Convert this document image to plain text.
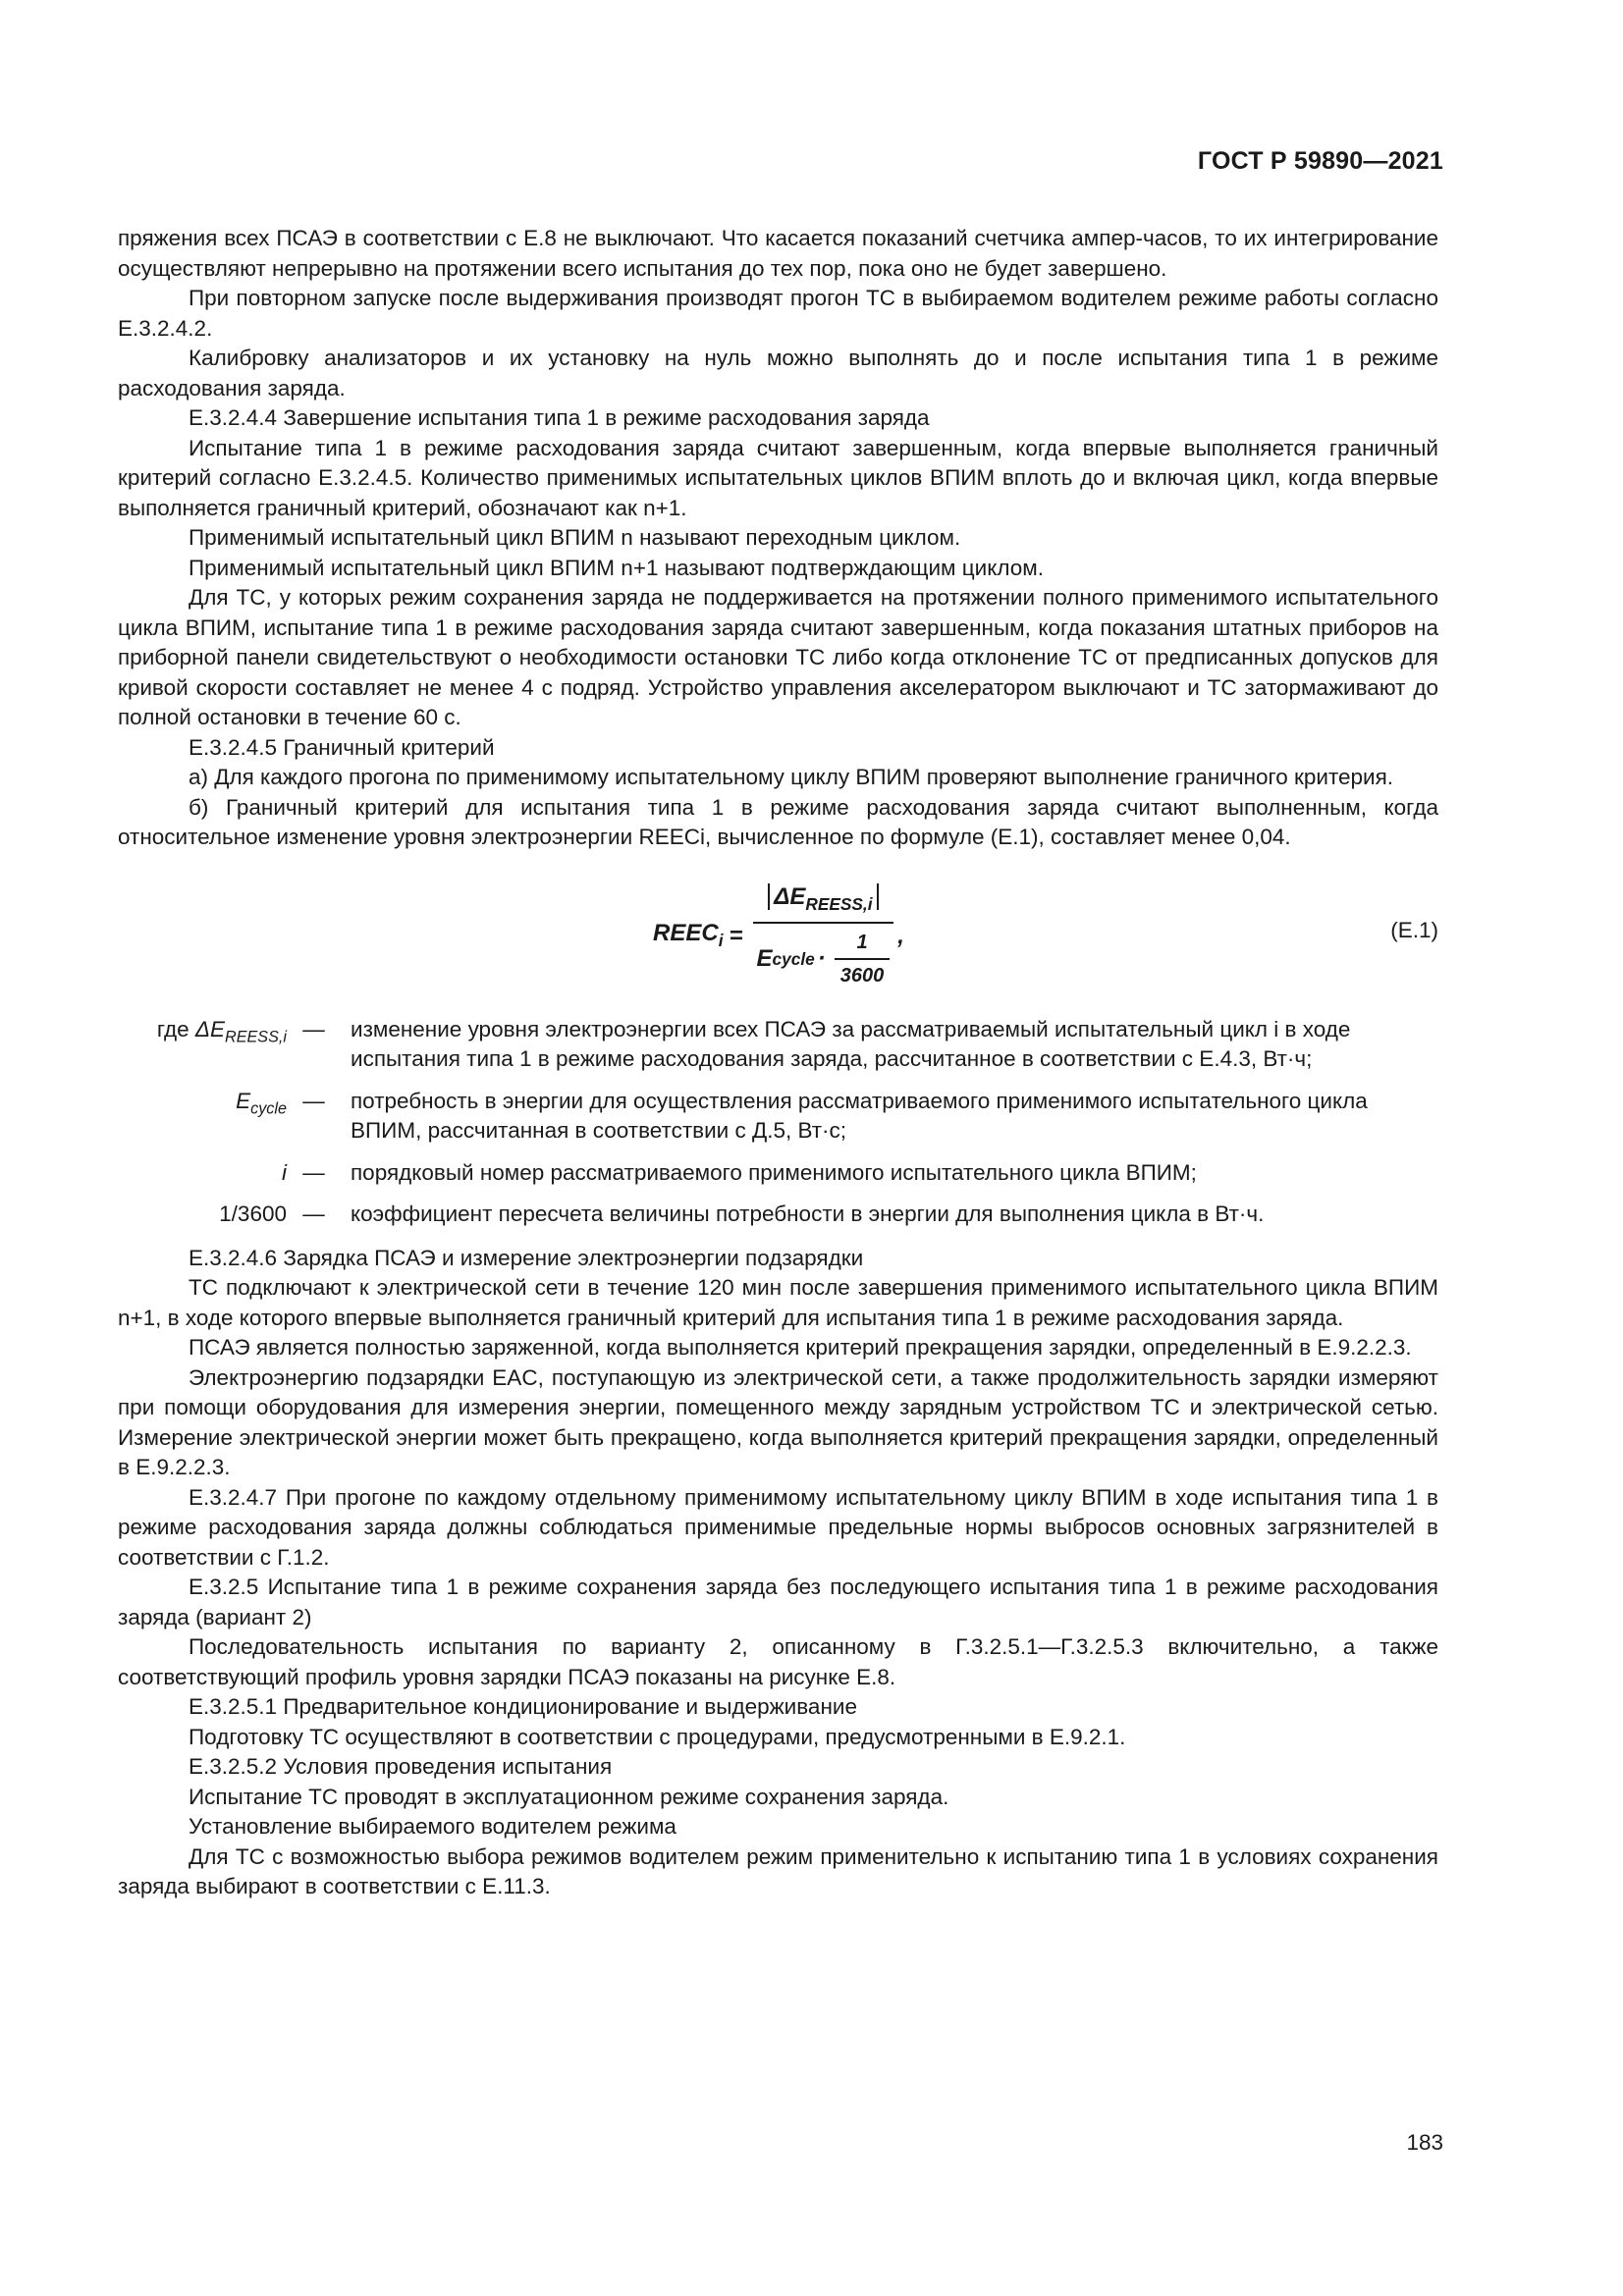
ГОСТ Р 59890—2021

пряжения всех ПСАЭ в соответствии с Е.8 не выключают. Что касается показаний счетчика ампер-часов, то их интегрирование осуществляют непрерывно на протяжении всего испытания до тех пор, пока оно не будет завершено.

При повторном запуске после выдерживания производят прогон ТС в выбираемом водителем режиме работы согласно Е.3.2.4.2.

Калибровку анализаторов и их установку на нуль можно выполнять до и после испытания типа 1 в режиме расходования заряда.

Е.3.2.4.4 Завершение испытания типа 1 в режиме расходования заряда

Испытание типа 1 в режиме расходования заряда считают завершенным, когда впервые выполняется граничный критерий согласно Е.3.2.4.5. Количество применимых испытательных циклов ВПИМ вплоть до и включая цикл, когда впервые выполняется граничный критерий, обозначают как n+1.

Применимый испытательный цикл ВПИМ n называют переходным циклом.

Применимый испытательный цикл ВПИМ n+1 называют подтверждающим циклом.

Для ТС, у которых режим сохранения заряда не поддерживается на протяжении полного применимого испытательного цикла ВПИМ, испытание типа 1 в режиме расходования заряда считают завершенным, когда показания штатных приборов на приборной панели свидетельствуют о необходимости остановки ТС либо когда отклонение ТС от предписанных допусков для кривой скорости составляет не менее 4 с подряд. Устройство управления акселератором выключают и ТС затормаживают до полной остановки в течение 60 с.

Е.3.2.4.5 Граничный критерий

а) Для каждого прогона по применимому испытательному циклу ВПИМ проверяют выполнение граничного критерия.

б) Граничный критерий для испытания типа 1 в режиме расходования заряда считают выполненным, когда относительное изменение уровня электроэнергии REECi, вычисленное по формуле (Е.1), составляет менее 0,04.

$REEC_i = \frac{\Delta E_{REESS,i}}{E cycle \cdot \frac{1}{3600}}$ ,	(Е.1)
где $\Delta E_{REESS,i}$ —	изменение уровня электроэнергии всех ПСАЭ за рассматриваемый испытательный цикл i в ходе испытания типа 1 в режиме расходования заряда, рассчитанное в соответствии с Е.4.3, Вт·ч;
$E_{cycle}$ —	потребность в энергии для осуществления рассматриваемого применимого испытательного цикла ВПИМ, рассчитанная в соответствии с Д.5, Вт·с;
i —	порядковый номер рассматриваемого применимого испытательного цикла ВПИМ;
1/3600 —	коэффициент пересчета величины потребности в энергии для выполнения цикла в Вт·ч.

Е.3.2.4.6 Зарядка ПСАЭ и измерение электроэнергии подзарядки

ТС подключают к электрической сети в течение 120 мин после завершения применимого испытательного цикла ВПИМ n+1, в ходе которого впервые выполняется граничный критерий для испытания типа 1 в режиме расходования заряда.

ПСАЭ является полностью заряженной, когда выполняется критерий прекращения зарядки, определенный в Е.9.2.2.3.

Электроэнергию подзарядки EAC, поступающую из электрической сети, а также продолжительность зарядки измеряют при помощи оборудования для измерения энергии, помещенного между зарядным устройством ТС и электрической сетью. Измерение электрической энергии может быть прекращено, когда выполняется критерий прекращения зарядки, определенный в Е.9.2.2.3.

Е.3.2.4.7 При прогоне по каждому отдельному применимому испытательному циклу ВПИМ в ходе испытания типа 1 в режиме расходования заряда должны соблюдаться применимые предельные нормы выбросов основных загрязнителей в соответствии с Г.1.2.

Е.3.2.5 Испытание типа 1 в режиме сохранения заряда без последующего испытания типа 1 в режиме расходования заряда (вариант 2)

Последовательность испытания по варианту 2, описанному в Г.3.2.5.1—Г.3.2.5.3 включительно, а также соответствующий профиль уровня зарядки ПСАЭ показаны на рисунке Е.8.

Е.3.2.5.1 Предварительное кондиционирование и выдерживание

Подготовку ТС осуществляют в соответствии с процедурами, предусмотренными в Е.9.2.1.

Е.3.2.5.2 Условия проведения испытания

Испытание ТС проводят в эксплуатационном режиме сохранения заряда.

Установление выбираемого водителем режима

Для ТС с возможностью выбора режимов водителем режим применительно к испытанию типа 1 в условиях сохранения заряда выбирают в соответствии с Е.11.3.

183
